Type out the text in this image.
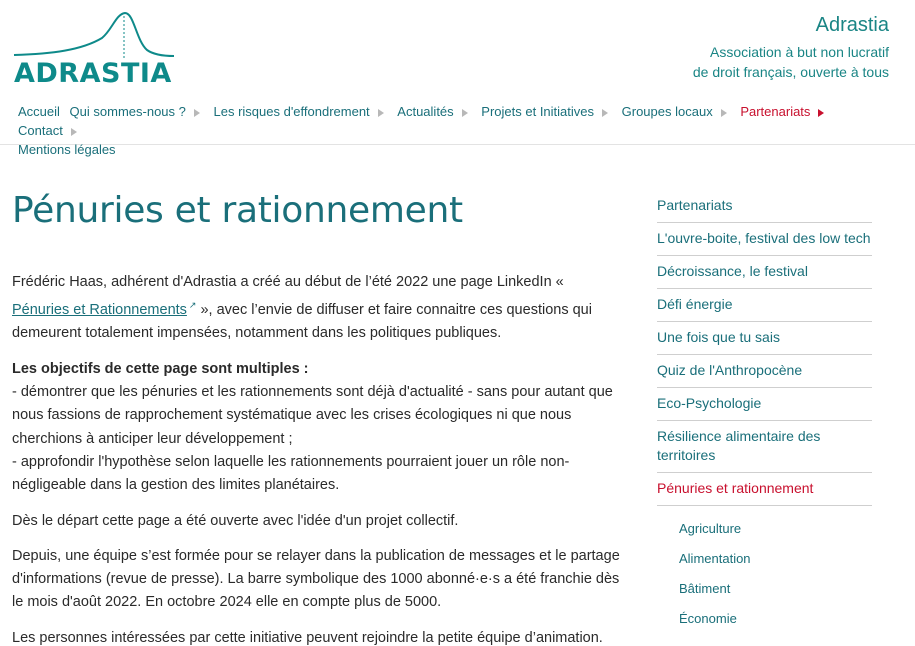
ADRASTIA
Adrastia
Association à but non lucratif
de droit français, ouverte à tous
Accueil Qui sommes-nous ? Les risques d'effondrement Actualités Projets et Initiatives Groupes locaux Partenariats Contact
Mentions légales
Pénuries et rationnement

Frédéric Haas, adhérent d'Adrastia a créé au début de l’été 2022 une page LinkedIn « Pénuries et Rationnements ↗ », avec l’envie de diffuser et faire connaitre ces questions qui demeurent totalement impensées, notamment dans les politiques publiques.

Les objectifs de cette page sont multiples :
- démontrer que les pénuries et les rationnements sont déjà d'actualité - sans pour autant que nous fassions de rapprochement systématique avec les crises écologiques ni que nous cherchions à anticiper leur développement ;
- approfondir l'hypothèse selon laquelle les rationnements pourraient jouer un rôle non-négligeable dans la gestion des limites planétaires.

Dès le départ cette page a été ouverte avec l'idée d'un projet collectif.

Depuis, une équipe s’est formée pour se relayer dans la publication de messages et le partage d'informations (revue de presse). La barre symbolique des 1000 abonné·e·s a été franchie dès le mois d'août 2022. En octobre 2024 elle en compte plus de 5000.

Les personnes intéressées par cette initiative peuvent rejoindre la petite équipe d’animation.

Partenariats
L'ouvre-boite, festival des low tech
Décroissance, le festival
Défi énergie
Une fois que tu sais
Quiz de l'Anthropocène
Eco-Psychologie
Résilience alimentaire des territoires
Pénuries et rationnement
Agriculture
Alimentation
Bâtiment
Économie
